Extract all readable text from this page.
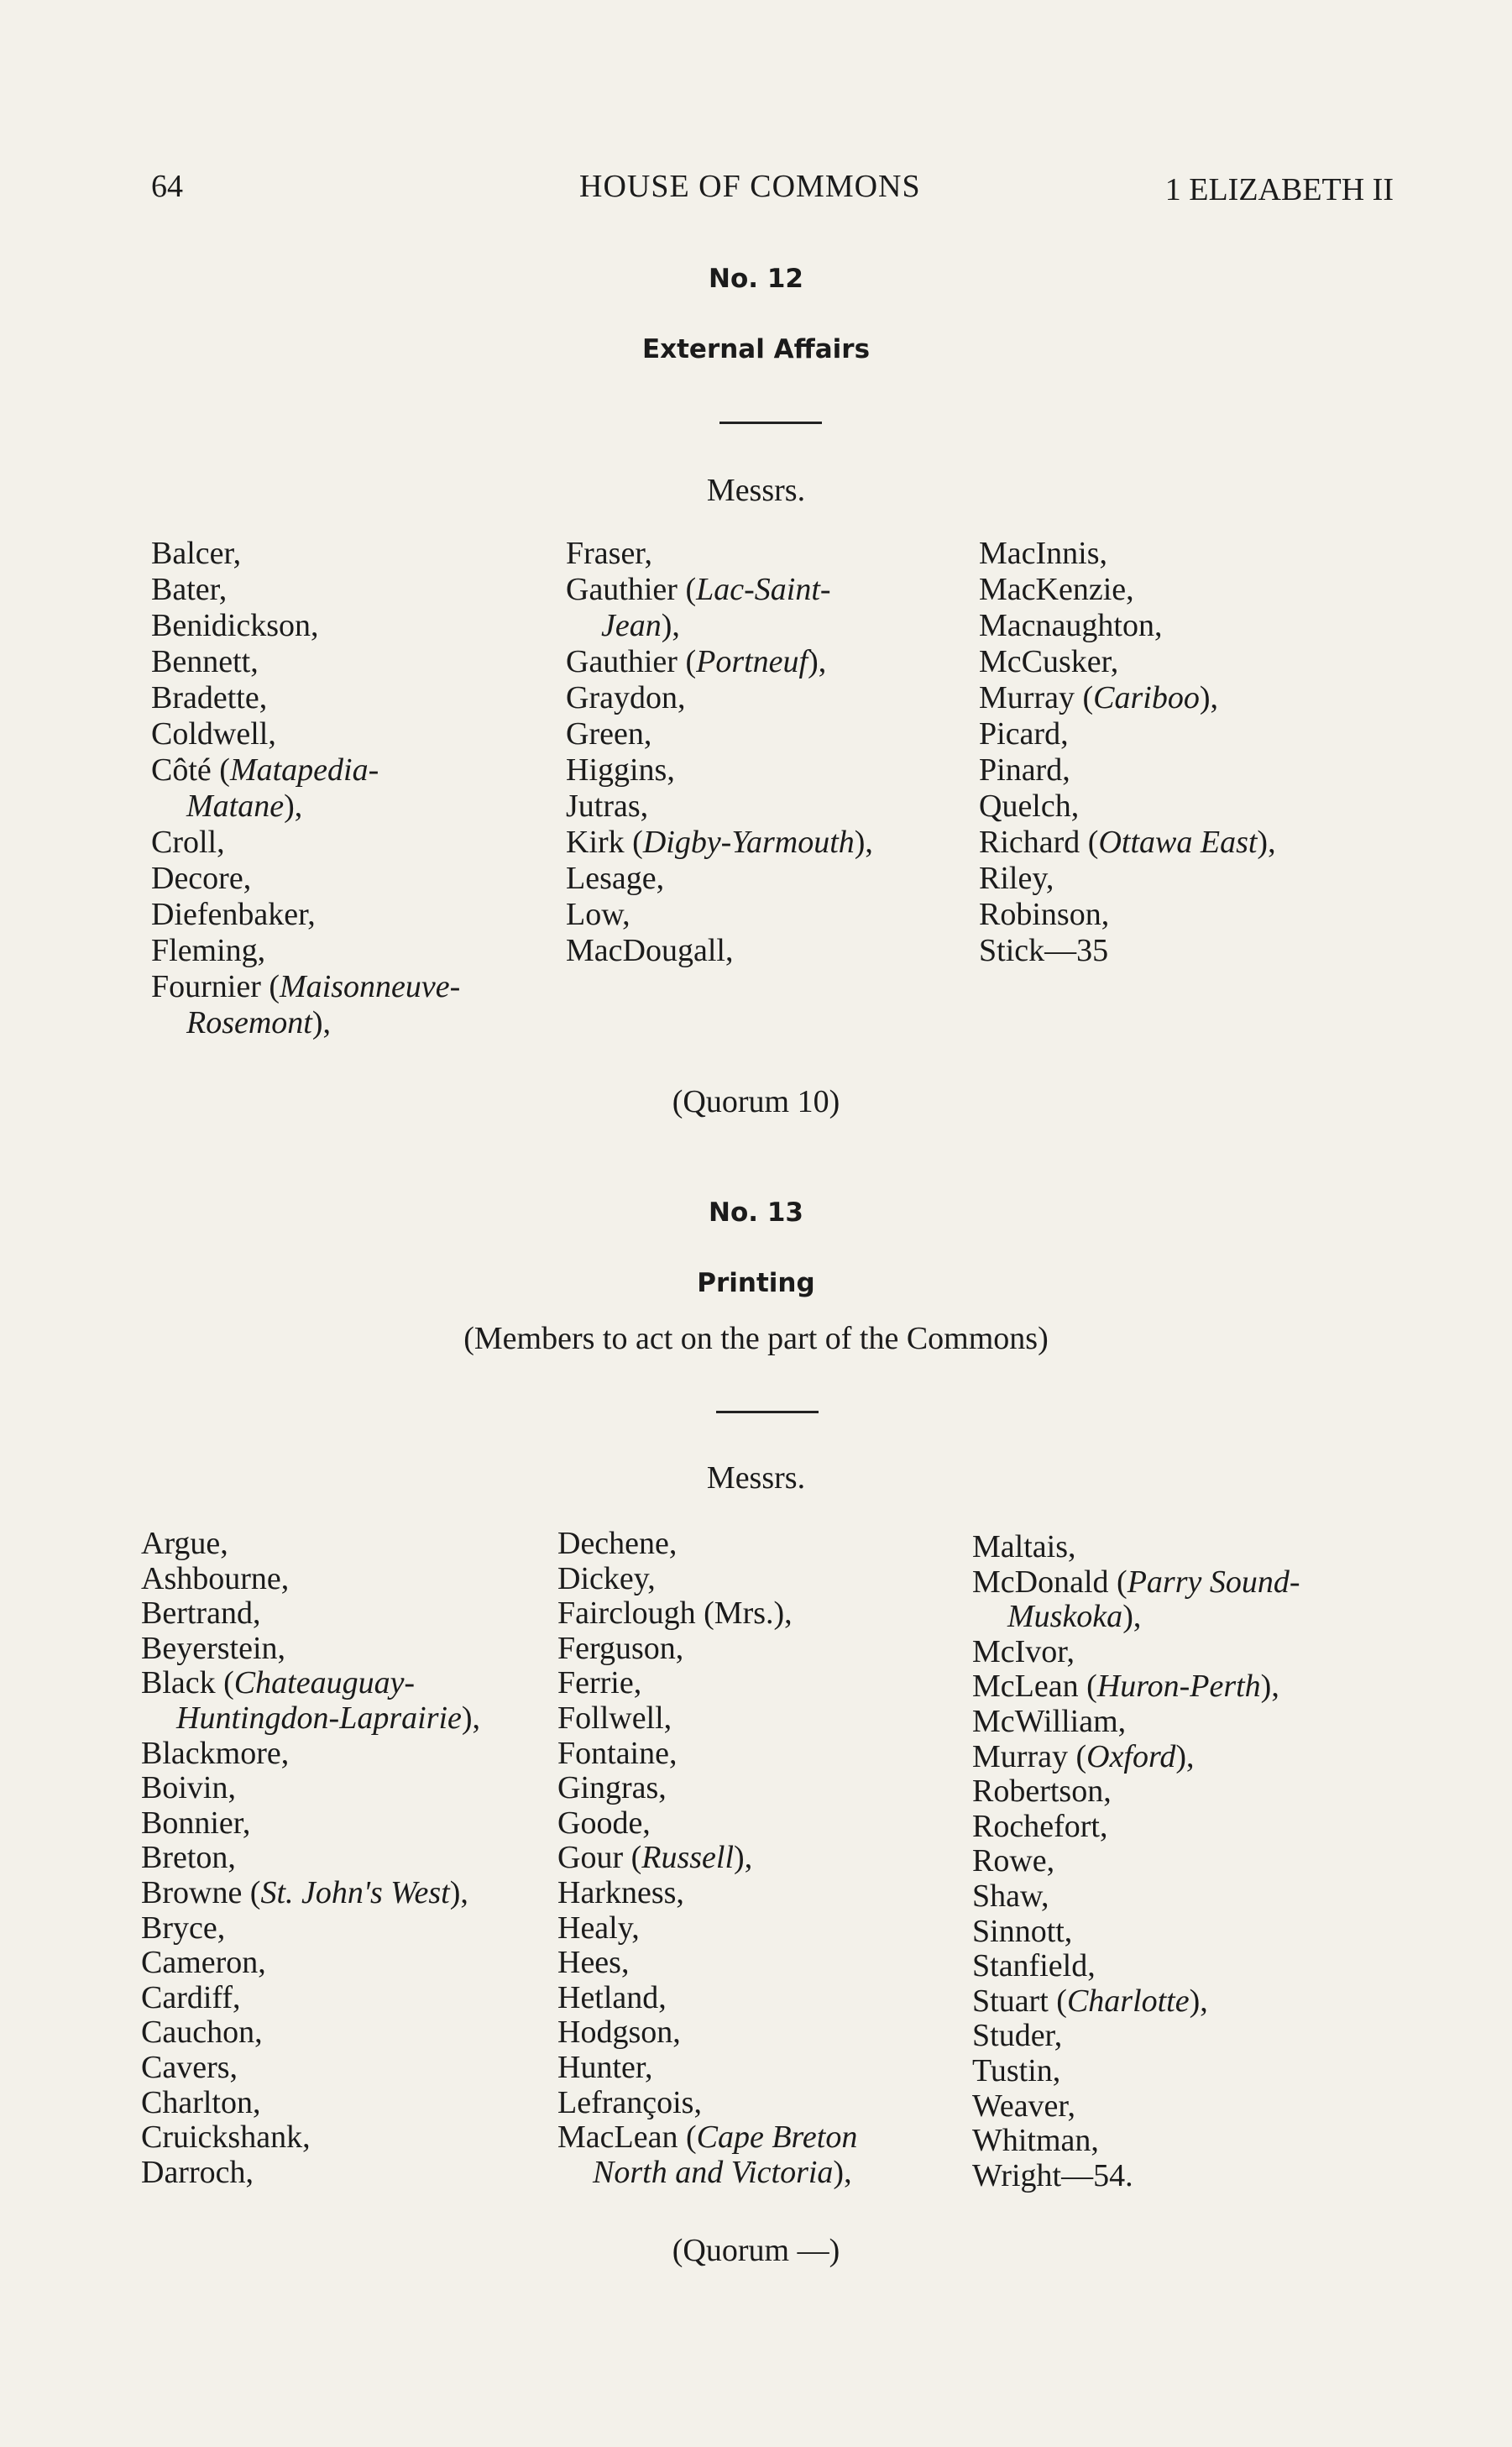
64	HOUSE OF COMMONS	1 ELIZABETH II
No. 12
External Affairs
Messrs.
Balcer,
Bater,
Benidickson,
Bennett,
Bradette,
Coldwell,
Côté (Matapedia-
Matane),
Croll,
Decore,
Diefenbaker,
Fleming,
Fournier (Maisonneuve-
Rosemont),
Fraser,
Gauthier (Lac-Saint-
Jean),
Gauthier (Portneuf),
Graydon,
Green,
Higgins,
Jutras,
Kirk (Digby-Yarmouth),
Lesage,
Low,
MacDougall,
MacInnis,
MacKenzie,
Macnaughton,
McCusker,
Murray (Cariboo),
Picard,
Pinard,
Quelch,
Richard (Ottawa East),
Riley,
Robinson,
Stick—35
(Quorum 10)
No. 13
Printing
(Members to act on the part of the Commons)
Messrs.
Argue,
Ashbourne,
Bertrand,
Beyerstein,
Black (Chateauguay-
Huntingdon-Laprairie),
Blackmore,
Boivin,
Bonnier,
Breton,
Browne (St. John's West),
Bryce,
Cameron,
Cardiff,
Cauchon,
Cavers,
Charlton,
Cruickshank,
Darroch,
Dechene,
Dickey,
Fairclough (Mrs.),
Ferguson,
Ferrie,
Follwell,
Fontaine,
Gingras,
Goode,
Gour (Russell),
Harkness,
Healy,
Hees,
Hetland,
Hodgson,
Hunter,
Lefrançois,
MacLean (Cape Breton
North and Victoria),
Maltais,
McDonald (Parry Sound-
Muskoka),
McIvor,
McLean (Huron-Perth),
McWilliam,
Murray (Oxford),
Robertson,
Rochefort,
Rowe,
Shaw,
Sinnott,
Stanfield,
Stuart (Charlotte),
Studer,
Tustin,
Weaver,
Whitman,
Wright—54.
(Quorum —)
